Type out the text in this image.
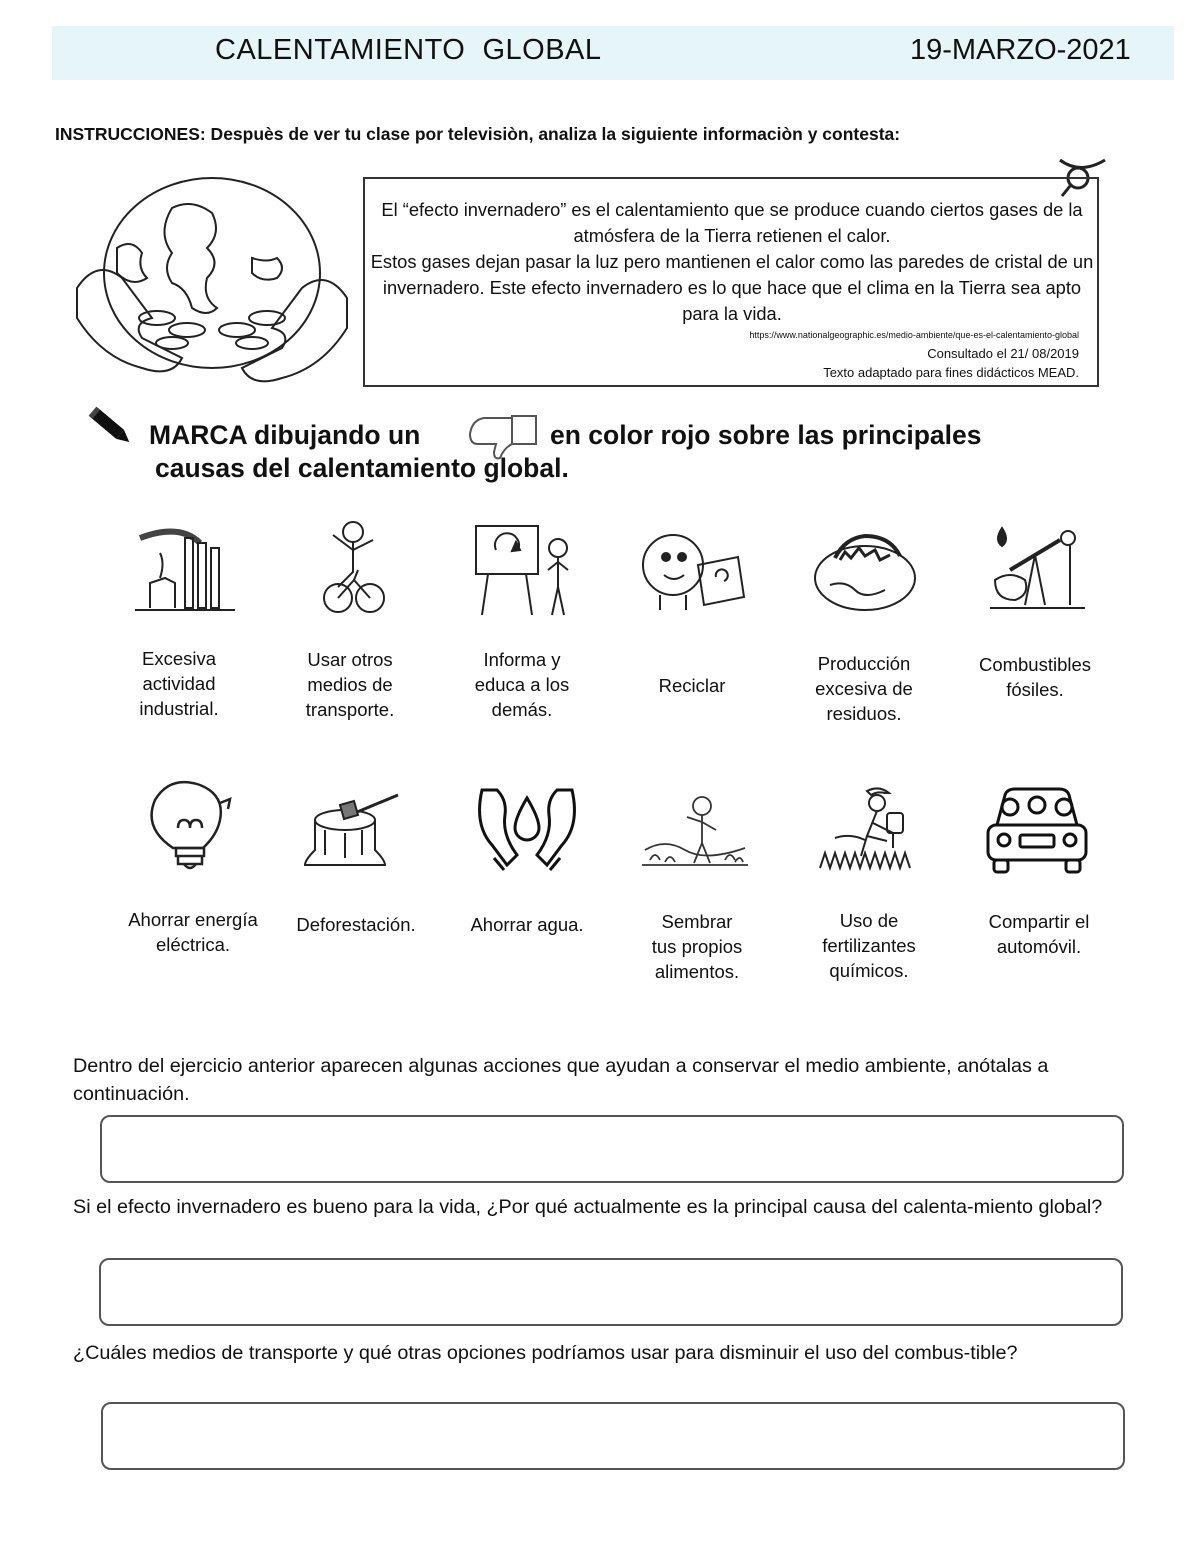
CALENTAMIENTO  GLOBAL	19-MARZO-2021
INSTRUCCIONES: Despuès de ver tu clase por televisiòn, analiza la siguiente informaciòn y contesta:
El “efecto invernadero” es el calentamiento que se produce cuando ciertos gases de la atmósfera de la Tierra retienen el calor.
Estos gases dejan pasar la luz pero mantienen el calor como las paredes de cristal de un invernadero. Este efecto invernadero es lo que hace que el clima en la Tierra sea apto para la vida.
https://www.nationalgeographic.es/medio-ambiente/que-es-el-calentamiento-global
Consultado el 21/ 08/2019
Texto adaptado para fines didácticos MEAD.
MARCA dibujando un	en color rojo sobre las principales
causas del calentamiento global.
Excesiva
actividad
industrial.
Usar otros
medios de
transporte.
Informa y
educa a los
demás.
Reciclar
Producción
excesiva de
residuos.
Combustibles
fósiles.
Ahorrar energía
eléctrica.
Deforestación.	Ahorrar agua.	Sembrar
tus propios
alimentos.
Uso de
fertilizantes
químicos.
Compartir el
automóvil.
Dentro del ejercicio anterior aparecen algunas acciones que ayudan a conservar el medio ambiente, anótalas a continuación.
Si el efecto invernadero es bueno para la vida, ¿Por qué actualmente es la principal causa del calenta-miento global?
¿Cuáles medios de transporte y qué otras opciones podríamos usar para disminuir el uso del combus-tible?
